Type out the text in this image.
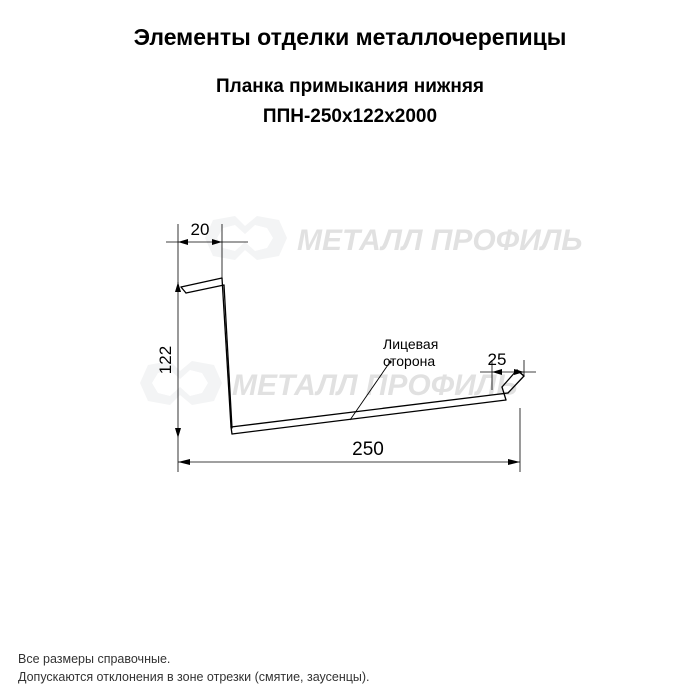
Элементы отделки металлочерепицы
Планка примыкания нижняя
ППН-250x122x2000
МЕТАЛЛ ПРОФИЛЬ
МЕТАЛЛ ПРОФИЛЬ
20
122	25
250
Лицевая
сторона
Все размеры справочные.
Допускаются отклонения в зоне отрезки (смятие, заусенцы).
